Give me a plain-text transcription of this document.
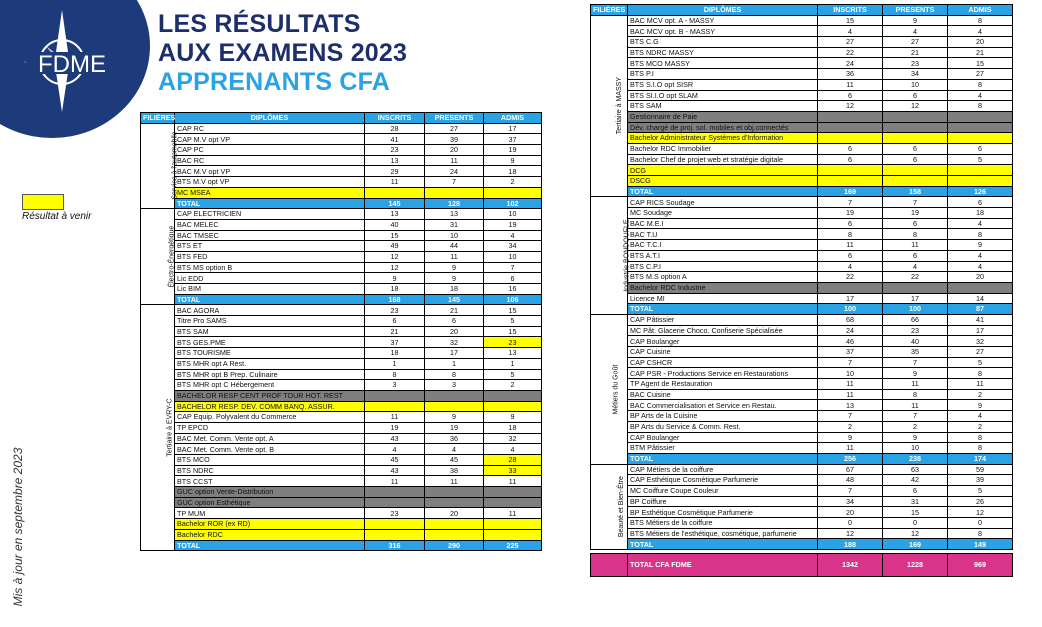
FDME
LES RÉSULTATS
AUX EXAMENS 2023
APPRENANTS CFA
Résultat à venir
Mis à jour en septembre 2023
FILIÈRES	DIPLÔMES	INSCRITS	PRESENTS	ADMIS
Service à l'automobile	CAP RC	28	27	17
	CAP M.V opt VP	41	39	37
	CAP PC	23	20	19
	BAC RC	13	11	9
	BAC M.V opt VP	29	24	18
	BTS M.V opt VP	11	7	2
	MC MSEA			
	TOTAL	145	128	102
Électro-Énergétique	CAP ELECTRICIEN	13	13	10
	BAC MELEC	40	31	19
	BAC TMSEC	15	10	4
	BTS ET	49	44	34
	BTS FED	12	11	10
	BTS MS option B	12	9	7
	Lic EDD	9	9	6
	Lic BIM	18	18	16
	TOTAL	168	145	106
Tertiaire à EVRY-C	BAC AGORA	23	21	15
	Titre Pro SAMS	6	6	5
	BTS SAM	21	20	15
	BTS GES.PME	37	32	23
	BTS TOURISME	18	17	13
	BTS MHR opt A Rest.	1	1	1
	BTS MHR opt B Prep. Culinaire	8	8	5
	BTS MHR opt C Hébergement	3	3	2
	BACHELOR RESP CENT PROF TOUR HOT. REST			
	BACHELOR RESP. DEV. COMM BANQ. ASSUR.			
	CAP Equip. Polyvalent du Commerce	11	9	9
	TP EPCD	19	19	18
	BAC Met. Comm. Vente opt. A	43	36	32
	BAC Met. Comm. Vente opt. B	4	4	4
	BTS MCO	45	45	28
	BTS NDRC	43	38	33
	BTS CCST	11	11	11
	GUC option Vente-Distribution			
	GUC option Esthétique			
	TP MUM	23	20	11
	Bachelor ROR (ex RD)			
	Bachelor RDC			
	TOTAL	316	290	225
FILIÈRES	DIPLÔMES	INSCRITS	PRESENTS	ADMIS
Tertiaire à MASSY	BAC MCV opt. A - MASSY	15	9	8
	BAC MCV opt. B - MASSY	4	4	4
	BTS C.G	27	27	20
	BTS NDRC MASSY	22	21	21
	BTS MCO MASSY	24	23	15
	BTS P.I	36	34	27
	BTS S.I.O opt SISR	11	10	8
	BTS SI.I.O opt SLAM	6	6	4
	BTS SAM	12	12	8
	Gestionnaire de Paie			
	Dév. chargé de proj. sol. mobiles et obj.connectés			
	Bachelor Administrateur Systèmes d'Information			
	Bachelor RDC Immobilier	6	6	6
	Bachelor Chef de projet web et stratégie digitale	6	6	5
	DCG			
	DSCG			
	TOTAL	169	158	126
Industrie BONDOUFLE	CAP RICS Soudage	7	7	6
	MC Soudage	19	19	18
	BAC M.E.I	6	6	4
	BAC T.U	8	8	8
	BAC T.C.I	11	11	9
	BTS A.T.I	6	6	4
	BTS C.P.I	4	4	4
	BTS M.S option A	22	22	20
	Bachelor RDC Industrie			
	Licence MI	17	17	14
	TOTAL	100	100	87
Métiers du Goût	CAP Pâtissier	68	66	41
	MC Pât. Glacerie Choco. Confiserie Spécialisée	24	23	17
	CAP Boulanger	46	40	32
	CAP Cuisine	37	35	27
	CAP CSHCR	7	7	5
	CAP PSR - Productions Service en Restaurations	10	9	8
	TP Agent de Restauration	11	11	11
	BAC Cuisine	11	8	2
	BAC Commercialisation et Service en Restau.	13	11	9
	BP Arts de la Cuisine	7	7	4
	BP Arts du Service & Comm. Rest.	2	2	2
	CAP Boulanger	9	9	8
	BTM Pâtissier	11	10	8
	TOTAL	256	238	174
Beauté et Bien-Être	CAP Métiers de la coiffure	67	63	59
	CAP Esthétique Cosmétique Parfumerie	48	42	39
	MC Coiffure Coupe Couleur	7	6	5
	BP Coiffure	34	31	26
	BP Esthétique Cosmétique Parfumerie	20	15	12
	BTS Métiers de la coiffure	0	0	0
	BTS Métiers de l'esthétique, cosmétique, parfumerie	12	12	8
	TOTAL	188	169	149

	TOTAL CFA FDME	1342	1228	969
